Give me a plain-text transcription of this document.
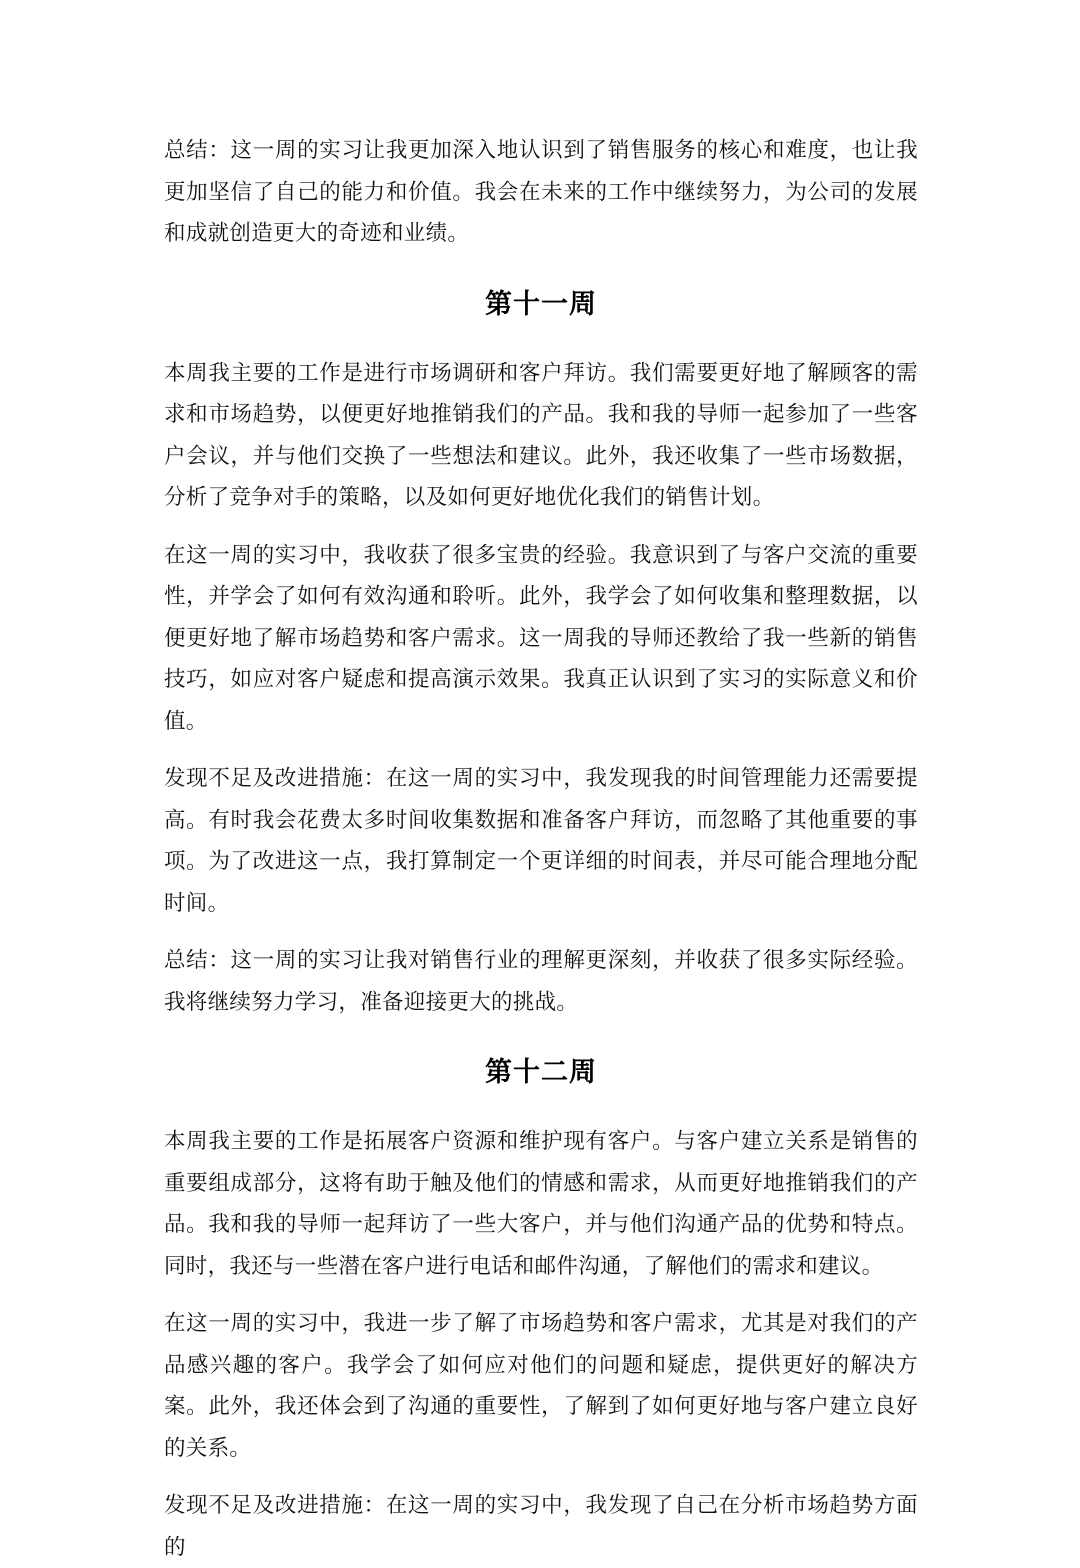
总结：这一周的实习让我更加深入地认识到了销售服务的核心和难度，也让我更加坚信了自己的能力和价值。我会在未来的工作中继续努力，为公司的发展和成就创造更大的奇迹和业绩。

第十一周

本周我主要的工作是进行市场调研和客户拜访。我们需要更好地了解顾客的需求和市场趋势，以便更好地推销我们的产品。我和我的导师一起参加了一些客户会议，并与他们交换了一些想法和建议。此外，我还收集了一些市场数据，分析了竞争对手的策略，以及如何更好地优化我们的销售计划。

在这一周的实习中，我收获了很多宝贵的经验。我意识到了与客户交流的重要性，并学会了如何有效沟通和聆听。此外，我学会了如何收集和整理数据，以便更好地了解市场趋势和客户需求。这一周我的导师还教给了我一些新的销售技巧，如应对客户疑虑和提高演示效果。我真正认识到了实习的实际意义和价值。

发现不足及改进措施：在这一周的实习中，我发现我的时间管理能力还需要提高。有时我会花费太多时间收集数据和准备客户拜访，而忽略了其他重要的事项。为了改进这一点，我打算制定一个更详细的时间表，并尽可能合理地分配时间。

总结：这一周的实习让我对销售行业的理解更深刻，并收获了很多实际经验。我将继续努力学习，准备迎接更大的挑战。

第十二周

本周我主要的工作是拓展客户资源和维护现有客户。与客户建立关系是销售的重要组成部分，这将有助于触及他们的情感和需求，从而更好地推销我们的产品。我和我的导师一起拜访了一些大客户，并与他们沟通产品的优势和特点。同时，我还与一些潜在客户进行电话和邮件沟通，了解他们的需求和建议。

在这一周的实习中，我进一步了解了市场趋势和客户需求，尤其是对我们的产品感兴趣的客户。我学会了如何应对他们的问题和疑虑，提供更好的解决方案。此外，我还体会到了沟通的重要性，了解到了如何更好地与客户建立良好的关系。

发现不足及改进措施：在这一周的实习中，我发现了自己在分析市场趋势方面的
